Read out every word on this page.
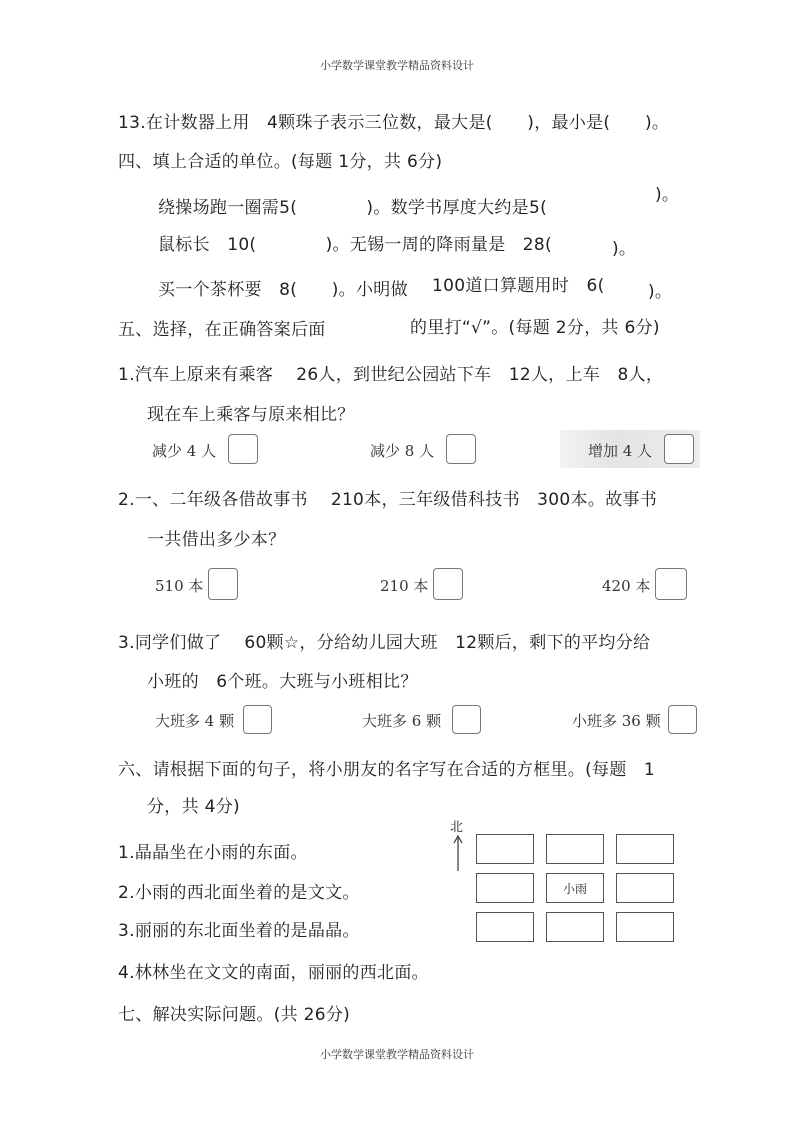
小学数学课堂教学精品资料设计
13.在计数器上用　4颗珠子表示三位数，最大是(　　)，最小是(　　)。
四、填上合适的单位。(每题 1分，共 6分)
绕操场跑一圈需5(　　　　)。数学书厚度大约是5(
)。
鼠标长　10(　　　　)。无锡一周的降雨量是　28(	)。
买一个茶杯要　8(　　)。小明做 100道口算题用时　6(	)。
五、选择，在正确答案后面	的里打“√”。(每题 2分，共 6分)
1.汽车上原来有乘客　 26人，到世纪公园站下车　12人，上车　8人，
现在车上乘客与原来相比？
减少 4 人	减少 8 人	增加 4 人
2.一、二年级各借故事书　 210本，三年级借科技书　300本。故事书
一共借出多少本？
510 本	210 本	420 本
3.同学们做了　 60颗☆，分给幼儿园大班　12颗后，剩下的平均分给
小班的　6个班。大班与小班相比？
大班多 4 颗	大班多 6 颗	小班多 36 颗
六、请根据下面的句子，将小朋友的名字写在合适的方框里。(每题　1
分，共 4分)
1.晶晶坐在小雨的东面。
2.小雨的西北面坐着的是文文。
3.丽丽的东北面坐着的是晶晶。
4.林林坐在文文的南面，丽丽的西北面。
北
小雨
七、解决实际问题。(共 26分)
小学数学课堂教学精品资料设计
